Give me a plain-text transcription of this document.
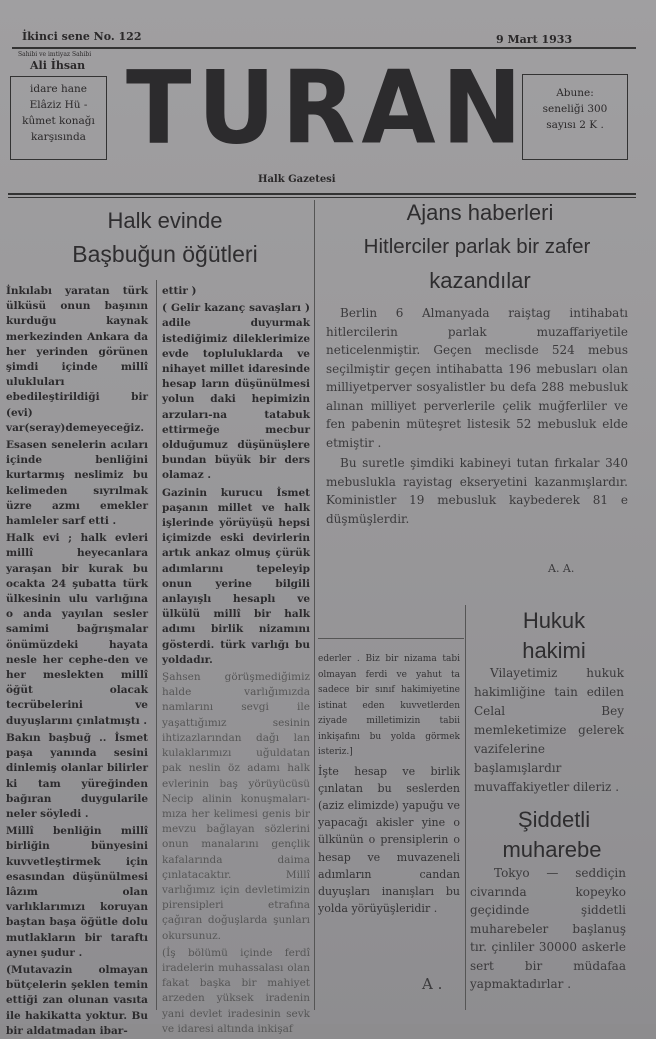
İkinci sene No. 122	9 Mart 1933
Sahibi ve imtiyaz Sahibi
Ali İhsan
idare hane
Elâziz Hü -
kûmet konağı
karşısında TURAN	Abune:
seneliği 300
sayısı 2 K .
Halk Gazetesi
Halk evinde
Başbuğun öğütleri

İnkılabı yaratan türk ülküsü onun başının kurduğu kaynak merkezinden Ankara da her yerinden görünen şimdi içinde millî ulukluları ebedileştirildiği bir (evi) var(seray)demeyeceğiz.

Esasen senelerin acıları içinde benliğini kurtarmış neslimiz bu kelimeden sıyrılmak üzre azmı emekler hamleler sarf etti .

Halk evi ; halk evleri millî heyecanlara yaraşan bir kurak bu ocakta 24 şubatta türk ülkesinin ulu varlığına o anda yayılan sesler samimi bağrışmalar önümüzdeki hayata nesle her cephe-den ve her meslekten millî öğüt olacak tecrübelerini ve duyuşlarını çınlatmıştı .

Bakın başbuğ .. İsmet paşa yanında sesini dinlemiş olanlar bilirler ki tam yüreğinden bağıran duygularile neler söyledi .

Millî benliğin millî birliğin bünyesini kuvvetleştirmek için esasından düşünülmesi lâzım olan varlıklarımızı koruyan baştan başa öğütle dolu mutlakların bir taraftı ayneı şudur .

(Mutavazin olmayan bütçelerin şeklen temin ettiği zan olunan vasıta ile hakikatta yoktur. Bu bir aldatmadan ibar-

ettir )

( Gelir kazanç savaşları ) adile duyurmak istediğimiz dileklerimize evde topluluklarda ve nihayet millet idaresinde hesap ların düşünülmesi yolun daki hepimizin arzuları-na tatabuk ettirmeğe mecbur olduğumuz düşünüşlere bundan büyük bir ders olamaz .

Gazinin kurucu İsmet paşanın millet ve halk işlerinde yörüyüşü hepsi içimizde eski devirlerin artık ankaz olmuş çürük adımlarını tepeleyip onun yerine bilgili anlayışlı hesaplı ve ülkülü millî bir halk adımı birlik nizamını gösterdi. türk varlığı bu yoldadır.

Şahsen görüşmediğimiz halde varlığımızda namlarını sevgi ile yaşattığımız sesinin ihtizazlarından dağı lan kulaklarımızı uğuldatan pak neslin öz adamı halk evlerinin baş yörüyücüsü Necip alinin konuşmaları-mıza her kelimesi genis bir mevzu bağlayan sözlerini onun manalarını gençlik kafalarında daima çınlatacaktır. Millî varlığımız için devletimizin pirensipleri etrafına çağıran doğuşlarda şunları okursunuz.

(İş bölümü içinde ferdî iradelerin muhassalası olan fakat başka bir mahiyet arzeden yüksek iradenin yani devlet iradesinin sevk ve idaresi altında inkişaf

Ajans haberleri
Hitlerciler parlak bir zafer
kazandılar

Berlin 6 Almanyada raiştag intihabatı hitlercilerin parlak muzaffariyetile neticelenmiştir. Geçen meclisde 524 mebus seçilmiştir geçen intihabatta 196 mebusları olan milliyetperver sosyalistler bu defa 288 mebusluk alınan milliyet perverlerile çelik muğferliler ve fen pabenin müteşret listesik 52 mebusluk elde etmiştir .

Bu suretle şimdiki kabineyi tutan fırkalar 340 mebuslukla rayistag ekseryetini kazanmışlardır. Koministler 19 mebusluk kaybederek 81 e düşmüşlerdir.

A. A.

ederler . Biz bir nizama tabi olmayan ferdi ve yahut ta sadece bir sınıf hakimiyetine istinat eden kuvvetlerden ziyade milletimizin tabii inkişafını bu yolda görmek isteriz.]

İşte hesap ve birlik çınlatan bu seslerden (aziz elimizde) yapuğu ve yapacağı akisler yine o ülkünün o prensiplerin o hesap ve muvazeneli adımların candan duyuşları inanışları bu yolda yörüyüşleridir .

A .
Hukuk
hakimi

Vilayetimiz hukuk hakimliğine tain edilen Celal Bey memleketimize gelerek vazifelerine başlamışlardır muvaffakiyetler dileriz .

Şiddetli
muharebe

Tokyo — seddiçin civarında kopeyko geçidinde şiddetli muharebeler başlanuş tır. çinliler 30000 askerle sert bir müdafaa yapmaktadırlar .
